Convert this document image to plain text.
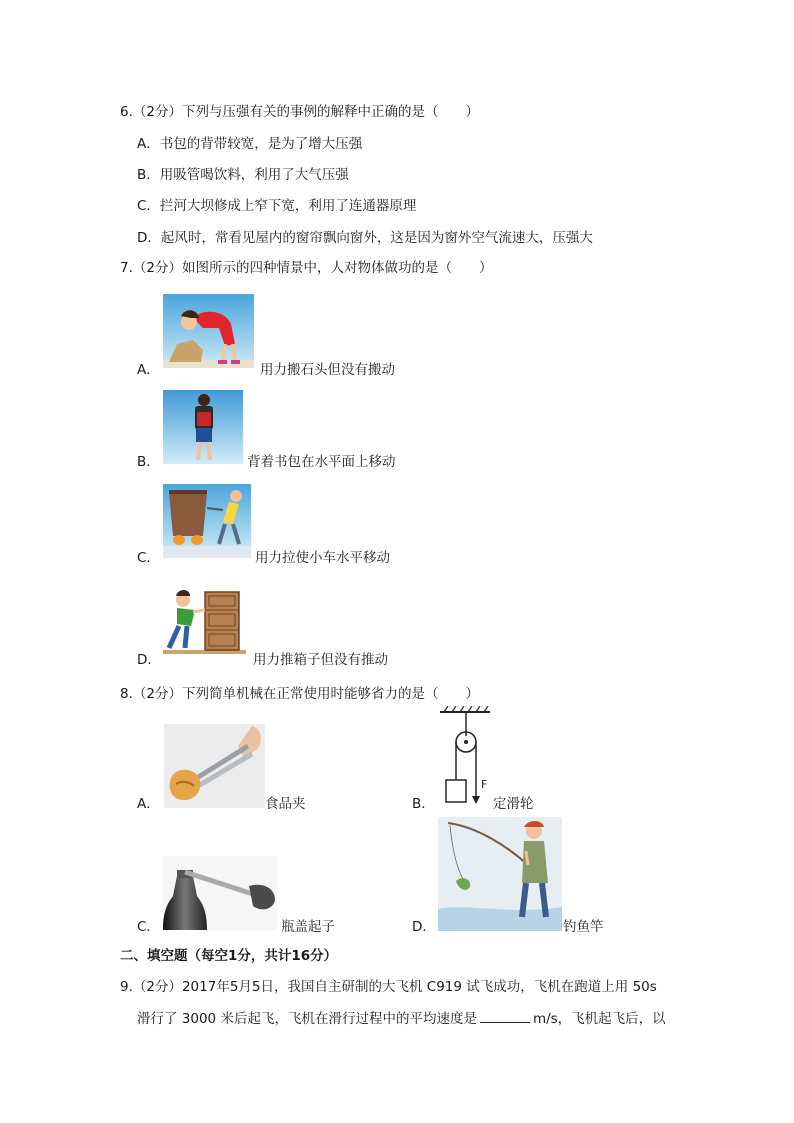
6.（2分）下列与压强有关的事例的解释中正确的是（　　）
A．书包的背带较宽，是为了增大压强
B．用吸管喝饮料，利用了大气压强
C．拦河大坝修成上窄下宽，利用了连通器原理
D．起风时，常看见屋内的窗帘飘向窗外，这是因为窗外空气流速大，压强大
7.（2分）如图所示的四种情景中，人对物体做功的是（　　）
A．	用力搬石头但没有搬动
B．	背着书包在水平面上移动
C．	用力拉使小车水平移动
D．	用力推箱子但没有推动
8.（2分）下列简单机械在正常使用时能够省力的是（　　）
A．	食品夹	B．
F
定滑轮
C．	瓶盖起子	D．	钓鱼竿
二、填空题（每空1分，共计16分）
9.（2分）2017年5月5日，我国自主研制的大飞机 C919 试飞成功，飞机在跑道上用 50s
滑行了 3000 米后起飞，飞机在滑行过程中的平均速度是	m/s，飞机起飞后，以
